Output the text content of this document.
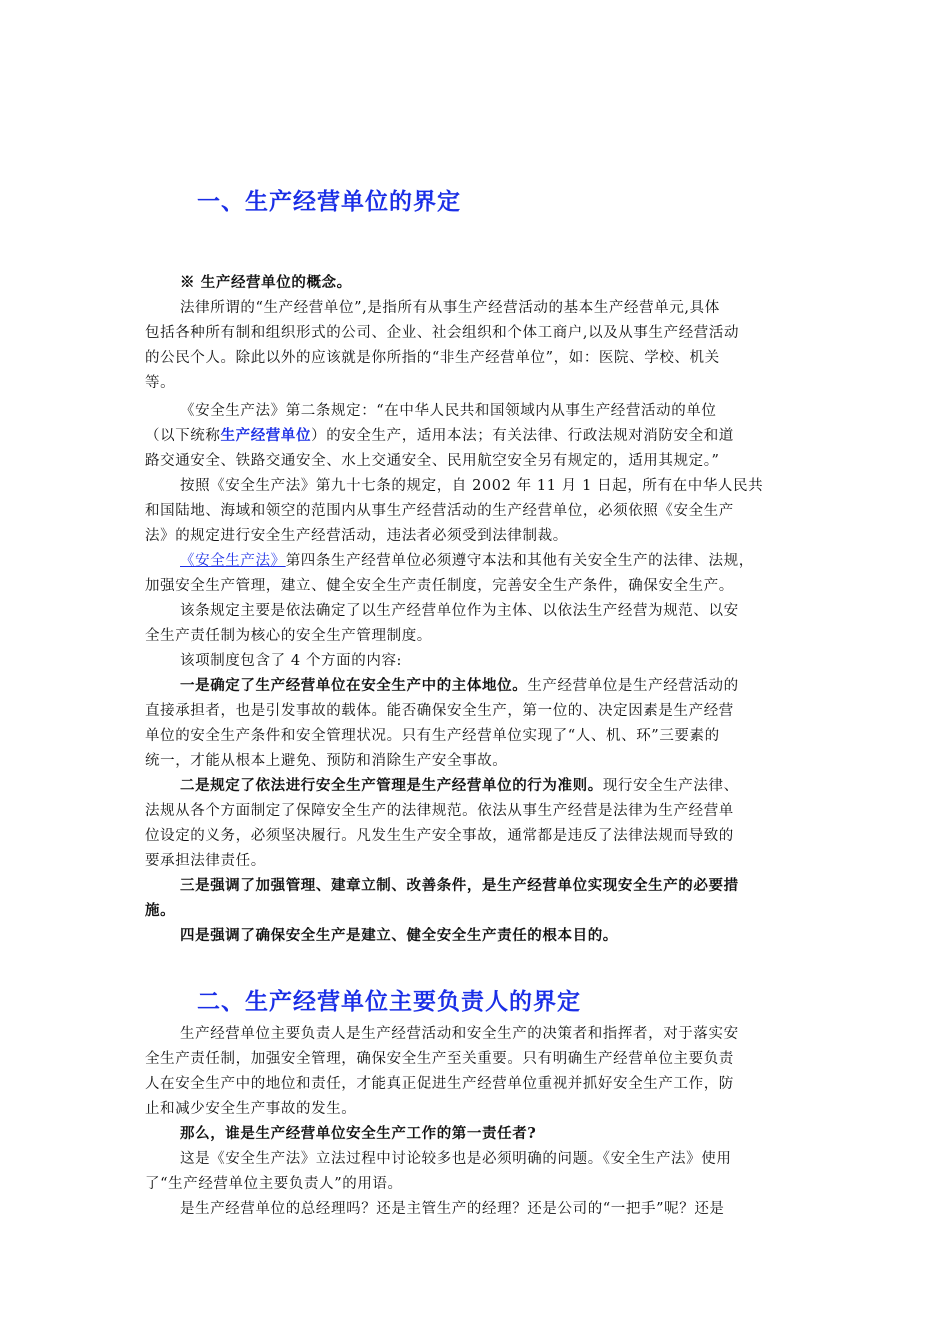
一、生产经营单位的界定
※ 生产经营单位的概念。
法律所谓的“生产经营单位”,是指所有从事生产经营活动的基本生产经营单元,具体
包括各种所有制和组织形式的公司、企业、社会组织和个体工商户,以及从事生产经营活动
的公民个人。除此以外的应该就是你所指的“非生产经营单位”，如：医院、学校、机关
等。
《安全生产法》第二条规定：“在中华人民共和国领域内从事生产经营活动的单位
（以下统称生产经营单位）的安全生产，适用本法；有关法律、行政法规对消防安全和道
路交通安全、铁路交通安全、水上交通安全、民用航空安全另有规定的，适用其规定。”
按照《安全生产法》第九十七条的规定，自 2002 年 11 月 1 日起，所有在中华人民共
和国陆地、海域和领空的范围内从事生产经营活动的生产经营单位，必须依照《安全生产
法》的规定进行安全生产经营活动，违法者必须受到法律制裁。
《安全生产法》第四条生产经营单位必须遵守本法和其他有关安全生产的法律、法规，
加强安全生产管理，建立、健全安全生产责任制度，完善安全生产条件，确保安全生产。
该条规定主要是依法确定了以生产经营单位作为主体、以依法生产经营为规范、以安
全生产责任制为核心的安全生产管理制度。
该项制度包含了 4 个方面的内容:
一是确定了生产经营单位在安全生产中的主体地位。生产经营单位是生产经营活动的
直接承担者，也是引发事故的载体。能否确保安全生产，第一位的、决定因素是生产经营
单位的安全生产条件和安全管理状况。只有生产经营单位实现了“人、机、环”三要素的
统一，才能从根本上避免、预防和消除生产安全事故。
二是规定了依法进行安全生产管理是生产经营单位的行为准则。现行安全生产法律、
法规从各个方面制定了保障安全生产的法律规范。依法从事生产经营是法律为生产经营单
位设定的义务，必须坚决履行。凡发生生产安全事故，通常都是违反了法律法规而导致的
要承担法律责任。
三是强调了加强管理、建章立制、改善条件，是生产经营单位实现安全生产的必要措
施。
四是强调了确保安全生产是建立、健全安全生产责任的根本目的。
二、生产经营单位主要负责人的界定
生产经营单位主要负责人是生产经营活动和安全生产的决策者和指挥者，对于落实安
全生产责任制，加强安全管理，确保安全生产至关重要。只有明确生产经营单位主要负责
人在安全生产中的地位和责任，才能真正促进生产经营单位重视并抓好安全生产工作，防
止和减少安全生产事故的发生。
那么，谁是生产经营单位安全生产工作的第一责任者?
这是《安全生产法》立法过程中讨论较多也是必须明确的问题。《安全生产法》使用
了“生产经营单位主要负责人”的用语。
是生产经营单位的总经理吗？还是主管生产的经理？还是公司的“一把手”呢？还是
